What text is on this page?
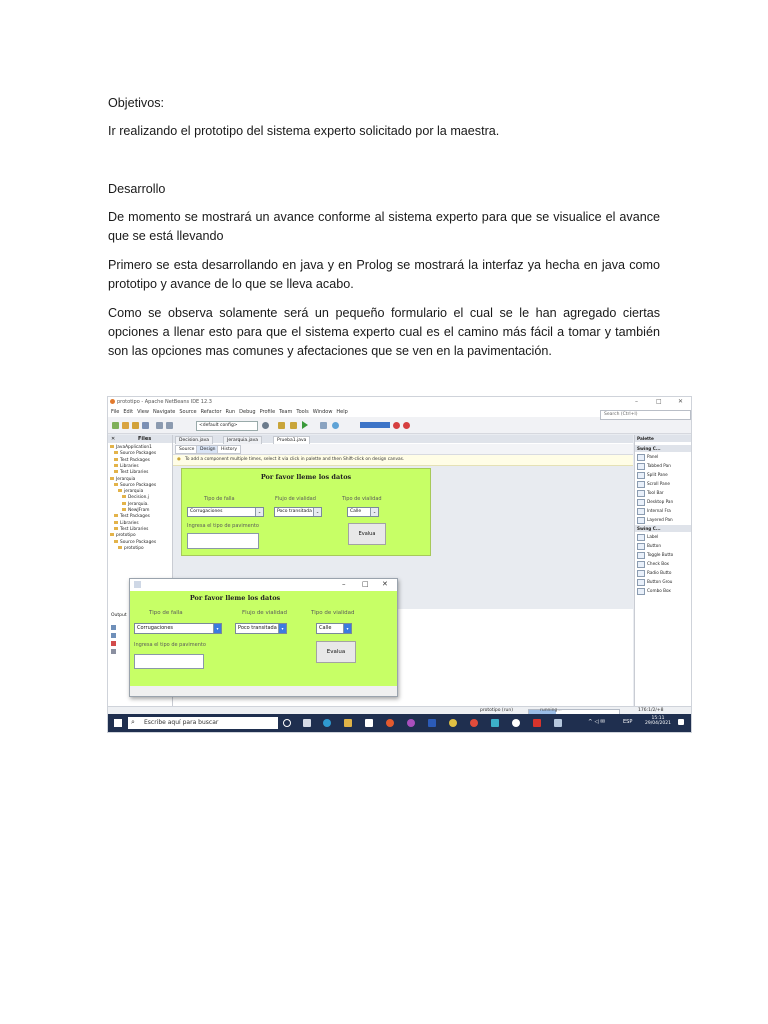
Objetivos:

Ir realizando el prototipo del sistema experto solicitado por la maestra.

Desarrollo

De momento se mostrará un avance conforme al sistema experto para que se visualice el avance que se está llevando

Primero se esta desarrollando en java y en Prolog se mostrará la interfaz ya hecha en java como prototipo y avance de lo que se lleva acabo.

Como se observa solamente será un pequeño formulario el cual se le han agregado ciertas opciones a llenar esto para que el sistema experto cual es el camino más fácil a tomar y también son las opciones mas comunes y afectaciones que se ven en la pavimentación.

prototipo - Apache NetBeans IDE 12.3	–	□	✕
File Edit View Navigate Source Refactor Run Debug Profile Team Tools Window Help
<default config>
Search (Ctrl+I)
✕	Files
JavaApplication1
Source Packages
Test Packages
Libraries
Test Libraries
Jerarquia
Source Packages
jerarquia
Decision.j
Jerarquia.
NewJFram
Test Packages
Libraries
Test Libraries
prototipo
Source Packages
prototipo
Output
Decision.java	Jerarquia.java	Prueba1.java
Source	Design	History
● To add a component multiple times, select it via click in palette and then Shift-click on design canvas.
Por favor lleme los datos
Tipo de falla	Flujo de vialidad	Tipo de vialidad
Corrugaciones	⌄	Poco transitada ⌄	Calle	⌄
Ingresa el tipo de pavimento
Evalua
Palette
Swing C...
Panel
Tabbed Pan
Split Pane
Scroll Pane
Tool Bar
Desktop Pan
Internal Fra
Layered Pan
Swing C...
Label
Button
Toggle Butto
Check Box
Radio Butto
Button Grou
Combo Box
– □ ✕
Por favor lleme los datos
Tipo de falla	Flujo de vialidad	Tipo de vialidad
Corrugaciones	▾	Poco transitada	▾	Calle	▾
Ingresa el tipo de pavimento
Evalua
prototipo (run)	running...	176:1/2/+8
⌕ Escribe aquí para buscar	^ ◁ ✉	ESP
15:11
29/04/2021
